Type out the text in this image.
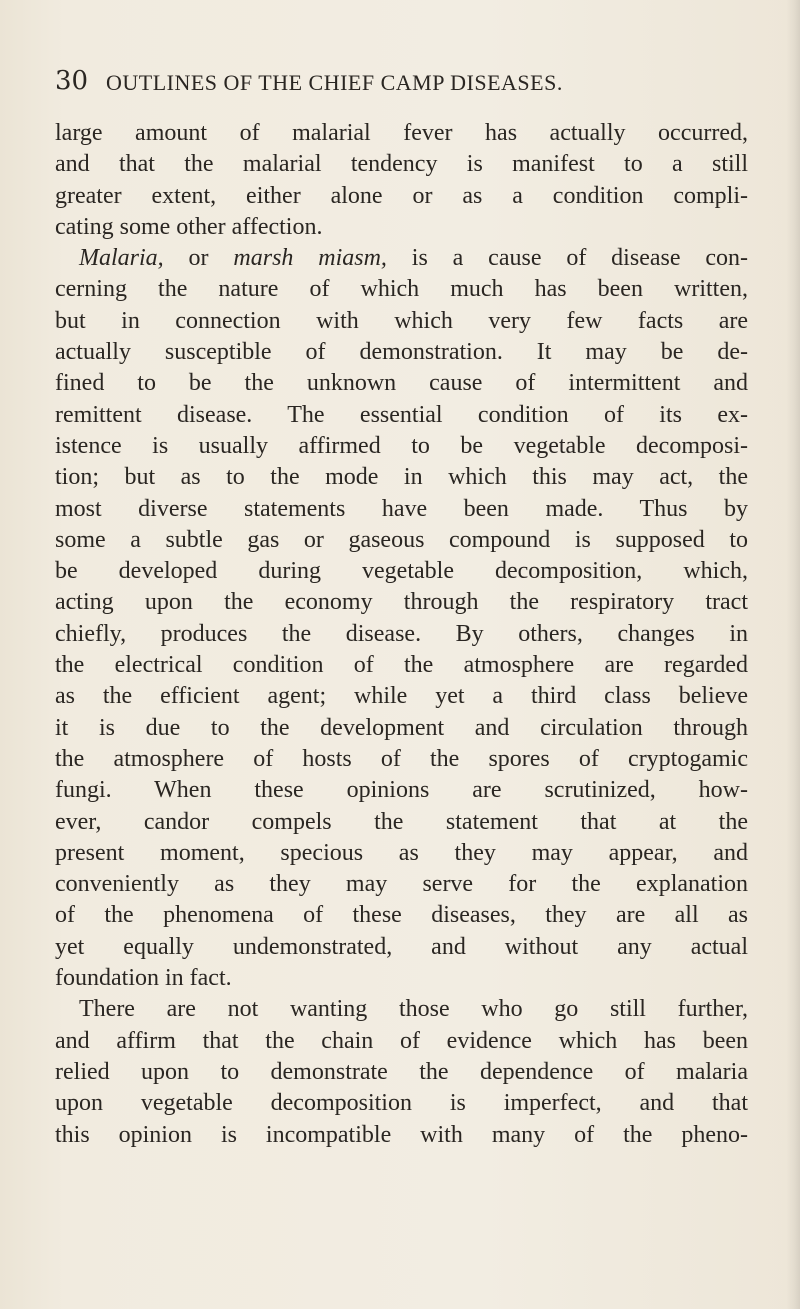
30 OUTLINES OF THE CHIEF CAMP DISEASES.
large amount of malarial fever has actually occurred,
and that the malarial tendency is manifest to a still
greater extent, either alone or as a condition compli-
cating some other affection.
Malaria, or marsh miasm, is a cause of disease con-
cerning the nature of which much has been written,
but in connection with which very few facts are
actually susceptible of demonstration. It may be de-
fined to be the unknown cause of intermittent and
remittent disease. The essential condition of its ex-
istence is usually affirmed to be vegetable decomposi-
tion; but as to the mode in which this may act, the
most diverse statements have been made. Thus by
some a subtle gas or gaseous compound is supposed to
be developed during vegetable decomposition, which,
acting upon the economy through the respiratory tract
chiefly, produces the disease. By others, changes in
the electrical condition of the atmosphere are regarded
as the efficient agent; while yet a third class believe
it is due to the development and circulation through
the atmosphere of hosts of the spores of cryptogamic
fungi. When these opinions are scrutinized, how-
ever, candor compels the statement that at the
present moment, specious as they may appear, and
conveniently as they may serve for the explanation
of the phenomena of these diseases, they are all as
yet equally undemonstrated, and without any actual
foundation in fact.
There are not wanting those who go still further,
and affirm that the chain of evidence which has been
relied upon to demonstrate the dependence of malaria
upon vegetable decomposition is imperfect, and that
this opinion is incompatible with many of the pheno-
